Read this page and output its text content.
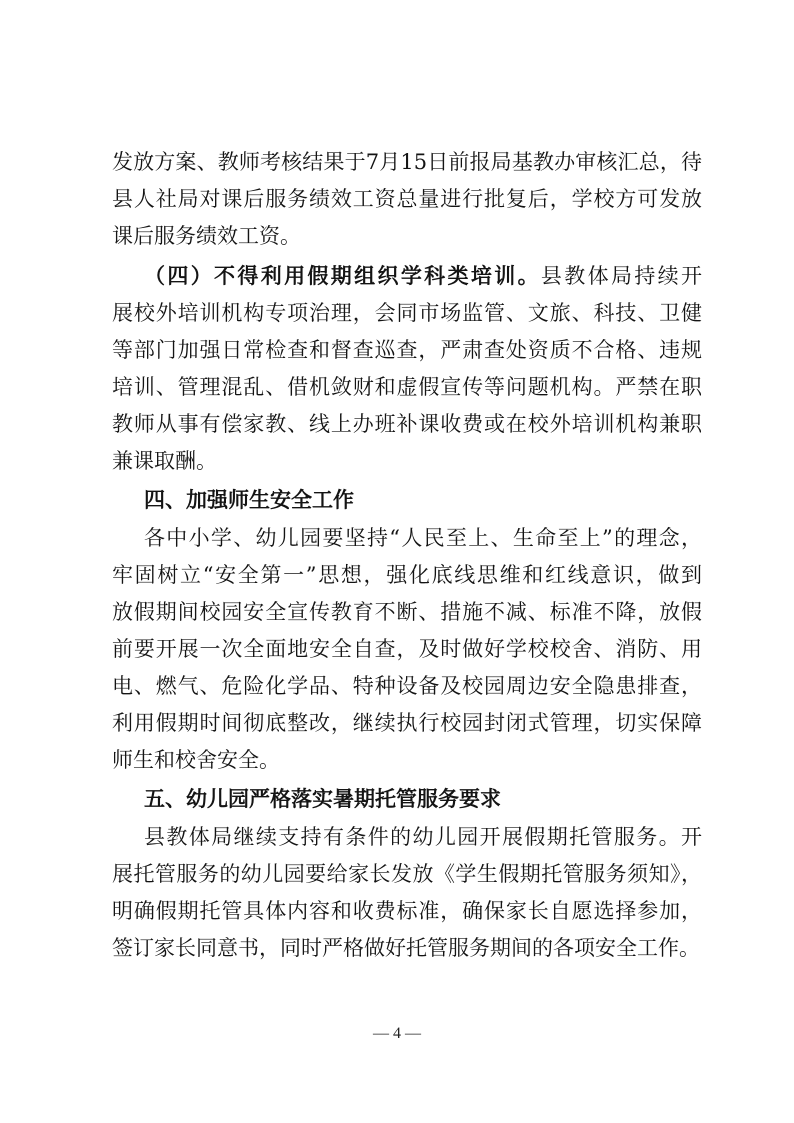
发放方案、教师考核结果于7月15日前报局基教办审核汇总，待
县人社局对课后服务绩效工资总量进行批复后，学校方可发放
课后服务绩效工资。
（四）不得利用假期组织学科类培训。县教体局持续开
展校外培训机构专项治理，会同市场监管、文旅、科技、卫健
等部门加强日常检查和督查巡查，严肃查处资质不合格、违规
培训、管理混乱、借机敛财和虚假宣传等问题机构。严禁在职
教师从事有偿家教、线上办班补课收费或在校外培训机构兼职
兼课取酬。
四、加强师生安全工作
各中小学、幼儿园要坚持“人民至上、生命至上”的理念，
牢固树立“安全第一”思想，强化底线思维和红线意识，做到
放假期间校园安全宣传教育不断、措施不减、标准不降，放假
前要开展一次全面地安全自查，及时做好学校校舍、消防、用
电、燃气、危险化学品、特种设备及校园周边安全隐患排查，
利用假期时间彻底整改，继续执行校园封闭式管理，切实保障
师生和校舍安全。
五、幼儿园严格落实暑期托管服务要求
县教体局继续支持有条件的幼儿园开展假期托管服务。开
展托管服务的幼儿园要给家长发放《学生假期托管服务须知》，
明确假期托管具体内容和收费标准，确保家长自愿选择参加，
签订家长同意书，同时严格做好托管服务期间的各项安全工作。
— 4 —
